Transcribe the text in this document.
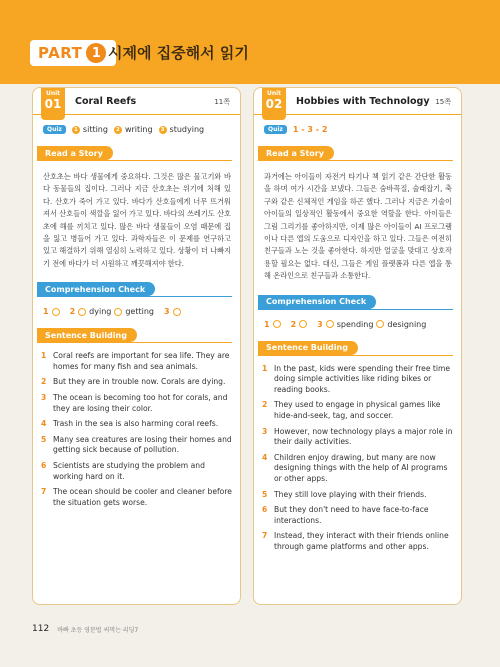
PART 1 시제에 집중해서 읽기
Unit
01 Coral Reefs	11쪽
Quiz	1 sitting	2 writing	3 studying
Read a Story

산호초는 바다 생물에게 중요하다. 그것은 많은 물고기와 바다 동물들의 집이다. 그러나 지금 산호초는 위기에 처해 있다. 산호가 죽어 가고 있다. 바다가 산호들에게 너무 뜨거워져서 산호들이 색깔을 잃어 가고 있다. 바다의 쓰레기도 산호초에 해를 끼치고 있다. 많은 바다 생물들이 오염 때문에 집을 잃고 병들어 가고 있다. 과학자들은 이 문제를 연구하고 있고 해결하기 위해 열심히 노력하고 있다. 상황이 더 나빠지기 전에 바다가 더 시원하고 깨끗해져야 한다.

Comprehension Check
1	2 dying getting 3
Sentence Building
1 Coral reefs are important for sea life. They are homes for many fish and sea animals.
2 But they are in trouble now. Corals are dying.
3 The ocean is becoming too hot for corals, and they are losing their color.
4 Trash in the sea is also harming coral reefs.
5 Many sea creatures are losing their homes and getting sick because of pollution.
6 Scientists are studying the problem and working hard on it.
7 The ocean should be cooler and cleaner before the situation gets worse.
Unit
02 Hobbies with Technology 15쪽
Quiz	1 - 3 - 2
Read a Story

과거에는 아이들이 자전거 타기나 책 읽기 같은 간단한 활동을 하며 여가 시간을 보냈다. 그들은 숨바꼭질, 술래잡기, 축구와 같은 신체적인 게임을 하곤 했다. 그러나 지금은 기술이 아이들의 일상적인 활동에서 중요한 역할을 한다. 아이들은 그림 그리기를 좋아하지만, 이제 많은 아이들이 AI 프로그램이나 다른 앱의 도움으로 디자인을 하고 있다. 그들은 여전히 친구들과 노는 것을 좋아한다. 하지만 얼굴을 맞대고 상호작용할 필요는 없다. 대신, 그들은 게임 플랫폼과 다른 앱을 통해 온라인으로 친구들과 소통한다.

Comprehension Check
1	2	3 spending designing
Sentence Building
1 In the past, kids were spending their free time doing simple activities like riding bikes or reading books.
2 They used to engage in physical games like hide-and-seek, tag, and soccer.
3 However, now technology plays a major role in their daily activities.
4 Children enjoy drawing, but many are now designing things with the help of AI programs or other apps.
5 They still love playing with their friends.
6 But they don't need to have face-to-face interactions.
7 Instead, they interact with their friends online through game platforms and other apps.
112 바빠 초등 영문법 써먹는 리딩7
